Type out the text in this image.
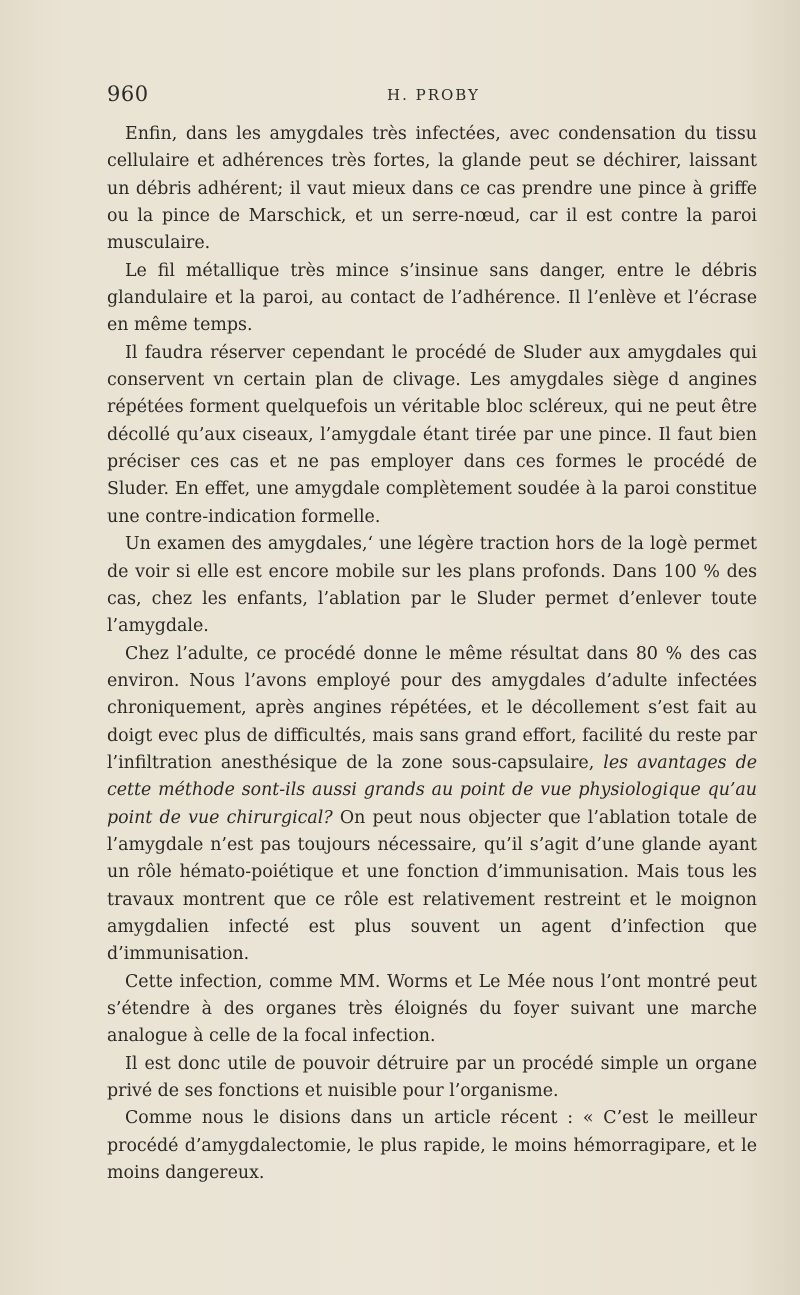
960	H. PROBY

Enfin, dans les amygdales très infectées, avec condensation du tissu cellulaire et adhérences très fortes, la glande peut se déchirer, laissant un débris adhérent; il vaut mieux dans ce cas prendre une pince à griffe ou la pince de Marschick, et un serre-nœud, car il est contre la paroi musculaire.

Le fil métallique très mince s’insinue sans danger, entre le débris glandulaire et la paroi, au contact de l’adhérence. Il l’enlève et l’écrase en même temps.

Il faudra réserver cependant le procédé de Sluder aux amygdales qui conservent vn certain plan de clivage. Les amygdales siège d angines répétées forment quelquefois un véritable bloc scléreux, qui ne peut être décollé qu’aux ciseaux, l’amygdale étant tirée par une pince. Il faut bien préciser ces cas et ne pas employer dans ces formes le procédé de Sluder. En effet, une amygdale complètement soudée à la paroi constitue une contre-indication formelle.

Un examen des amygdales,‘ une légère traction hors de la logè permet de voir si elle est encore mobile sur les plans profonds. Dans 100 % des cas, chez les enfants, l’ablation par le Sluder permet d’enlever toute l’amygdale.

Chez l’adulte, ce procédé donne le même résultat dans 80 % des cas environ. Nous l’avons employé pour des amygdales d’adulte infectées chroniquement, après angines répétées, et le décollement s’est fait au doigt evec plus de difficultés, mais sans grand effort, facilité du reste par l’infiltration anesthésique de la zone sous-capsulaire, les avantages de cette méthode sont-ils aussi grands au point de vue physiologique qu’au point de vue chirurgical? On peut nous objecter que l’ablation totale de l’amygdale n’est pas toujours nécessaire, qu’il s’agit d’une glande ayant un rôle hémato-poiétique et une fonction d’immunisation. Mais tous les travaux montrent que ce rôle est relativement restreint et le moignon amygdalien infecté est plus souvent un agent d’infection que d’immunisation.

Cette infection, comme MM. Worms et Le Mée nous l’ont montré peut s’étendre à des organes très éloignés du foyer suivant une marche analogue à celle de la focal infection.

Il est donc utile de pouvoir détruire par un procédé simple un organe privé de ses fonctions et nuisible pour l’organisme.

Comme nous le disions dans un article récent : « C’est le meilleur procédé d’amygdalectomie, le plus rapide, le moins hémorragipare, et le moins dangereux.
